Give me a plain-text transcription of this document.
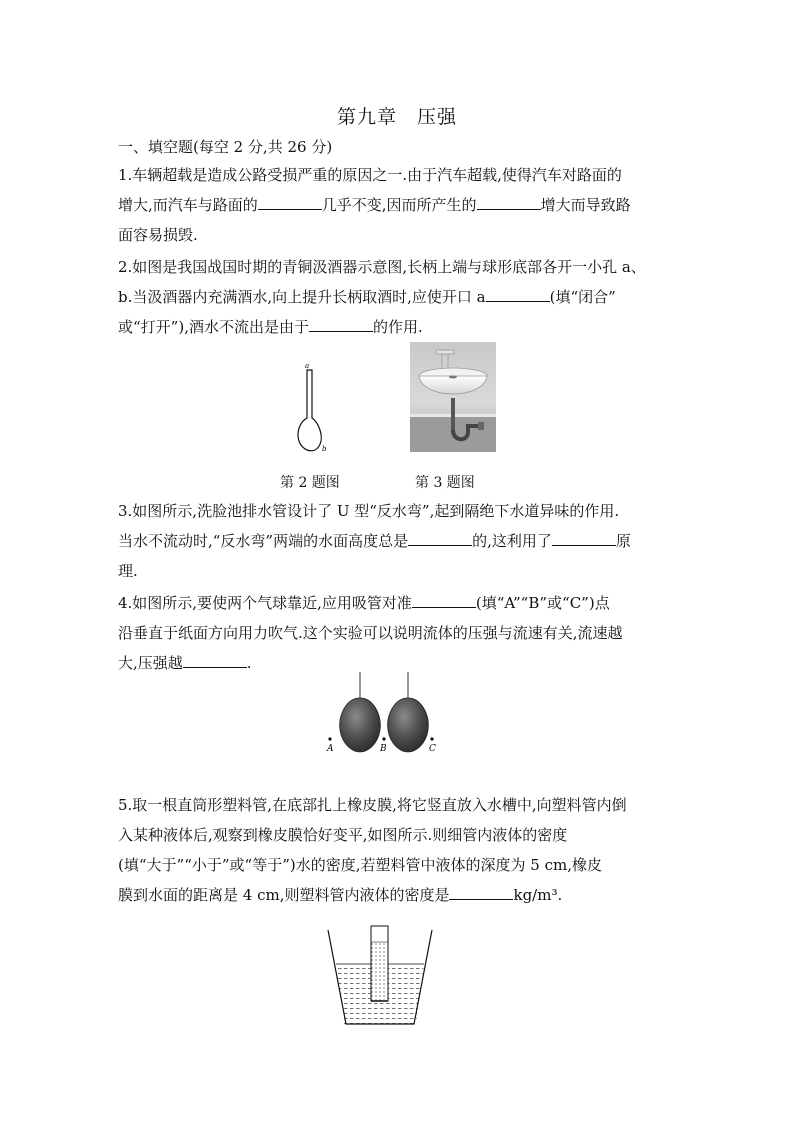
第九章　压强
一、填空题(每空 2 分,共 26 分)
1.车辆超载是造成公路受损严重的原因之一.由于汽车超载,使得汽车对路面的
增大,而汽车与路面的	几乎不变,因而所产生的	增大而导致路
面容易损毁.
2.如图是我国战国时期的青铜汲酒器示意图,长柄上端与球形底部各开一小孔 a、
b.当汲酒器内充满酒水,向上提升长柄取酒时,应使开口 a	(填“闭合”
或“打开”),酒水不流出是由于	的作用.
a
b
第 2 题图	第 3 题图
3.如图所示,洗脸池排水管设计了 U 型“反水弯”,起到隔绝下水道异味的作用.
当水不流动时,“反水弯”两端的水面高度总是	的,这利用了	原
理.
4.如图所示,要使两个气球靠近,应用吸管对准	(填“A”“B”或“C”)点
沿垂直于纸面方向用力吹气.这个实验可以说明流体的压强与流速有关,流速越
大,压强越	.
A	B	C
5.取一根直筒形塑料管,在底部扎上橡皮膜,将它竖直放入水槽中,向塑料管内倒
入某种液体后,观察到橡皮膜恰好变平,如图所示.则细管内液体的密度
(填“大于”“小于”或“等于”)水的密度,若塑料管中液体的深度为 5 cm,橡皮
膜到水面的距离是 4 cm,则塑料管内液体的密度是	kg/m³.
